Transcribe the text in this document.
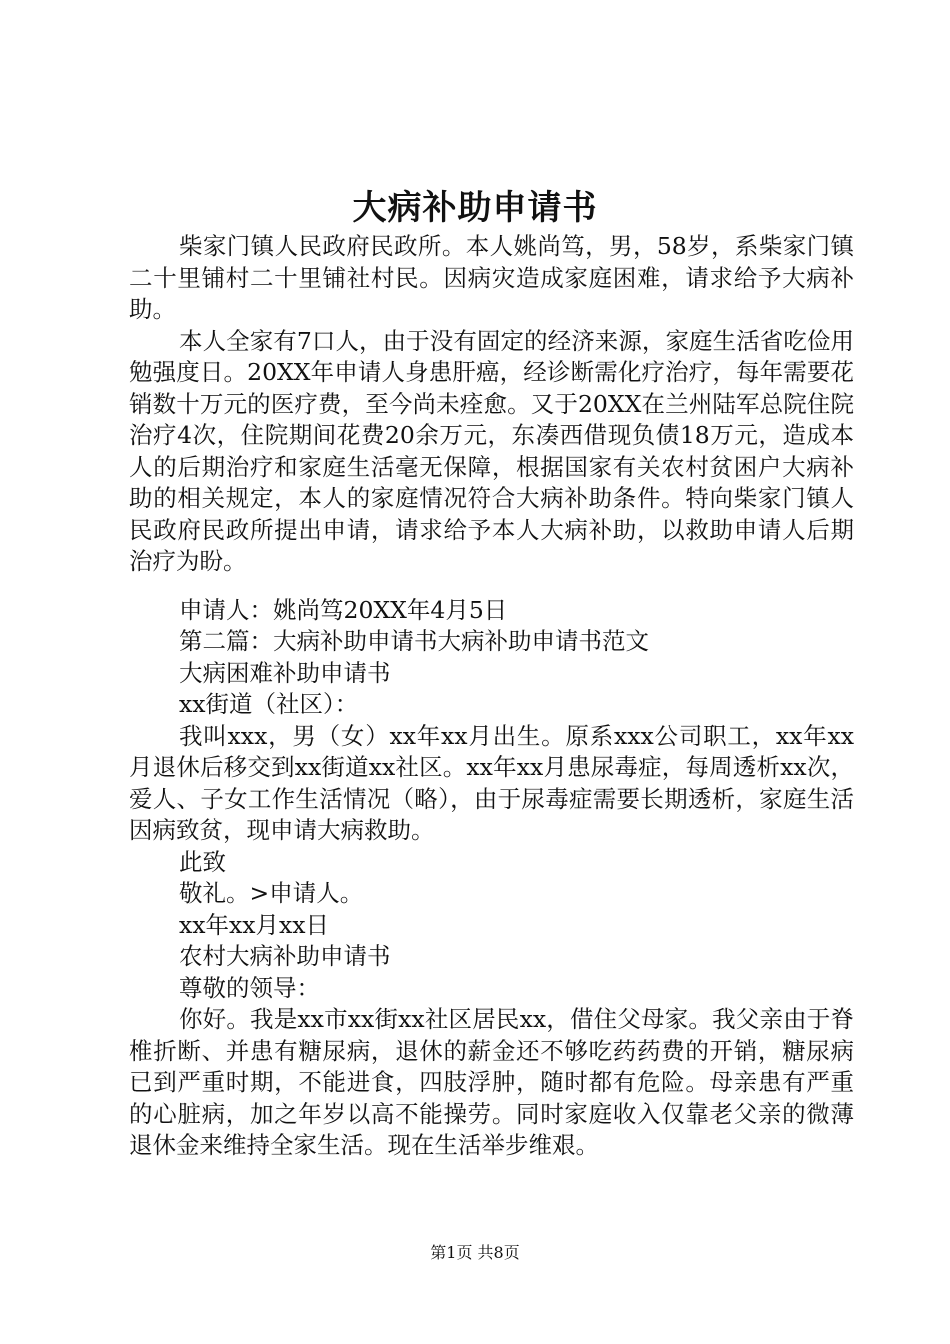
大病补助申请书

柴家门镇人民政府民政所。本人姚尚笃，男，58岁，系柴家门镇二十里铺村二十里铺社村民。因病灾造成家庭困难，请求给予大病补助。

本人全家有7口人，由于没有固定的经济来源，家庭生活省吃俭用勉强度日。20XX年申请人身患肝癌，经诊断需化疗治疗，每年需要花销数十万元的医疗费，至今尚未痊愈。又于20XX在兰州陆军总院住院治疗4次，住院期间花费20余万元，东凑西借现负债18万元，造成本人的后期治疗和家庭生活毫无保障，根据国家有关农村贫困户大病补助的相关规定，本人的家庭情况符合大病补助条件。特向柴家门镇人民政府民政所提出申请，请求给予本人大病补助，以救助申请人后期治疗为盼。

申请人：姚尚笃20XX年4月5日

第二篇：大病补助申请书大病补助申请书范文

大病困难补助申请书

xx街道（社区）：

我叫xxx，男（女）xx年xx月出生。原系xxx公司职工，xx年xx月退休后移交到xx街道xx社区。xx年xx月患尿毒症，每周透析xx次，爱人、子女工作生活情况（略），由于尿毒症需要长期透析，家庭生活因病致贫，现申请大病救助。

此致

敬礼。>申请人。

xx年xx月xx日

农村大病补助申请书

尊敬的领导：

你好。我是xx市xx街xx社区居民xx，借住父母家。我父亲由于脊椎折断、并患有糖尿病，退休的薪金还不够吃药药费的开销，糖尿病已到严重时期，不能进食，四肢浮肿，随时都有危险。母亲患有严重的心脏病，加之年岁以高不能操劳。同时家庭收入仅靠老父亲的微薄退休金来维持全家生活。现在生活举步维艰。

第1页 共8页
